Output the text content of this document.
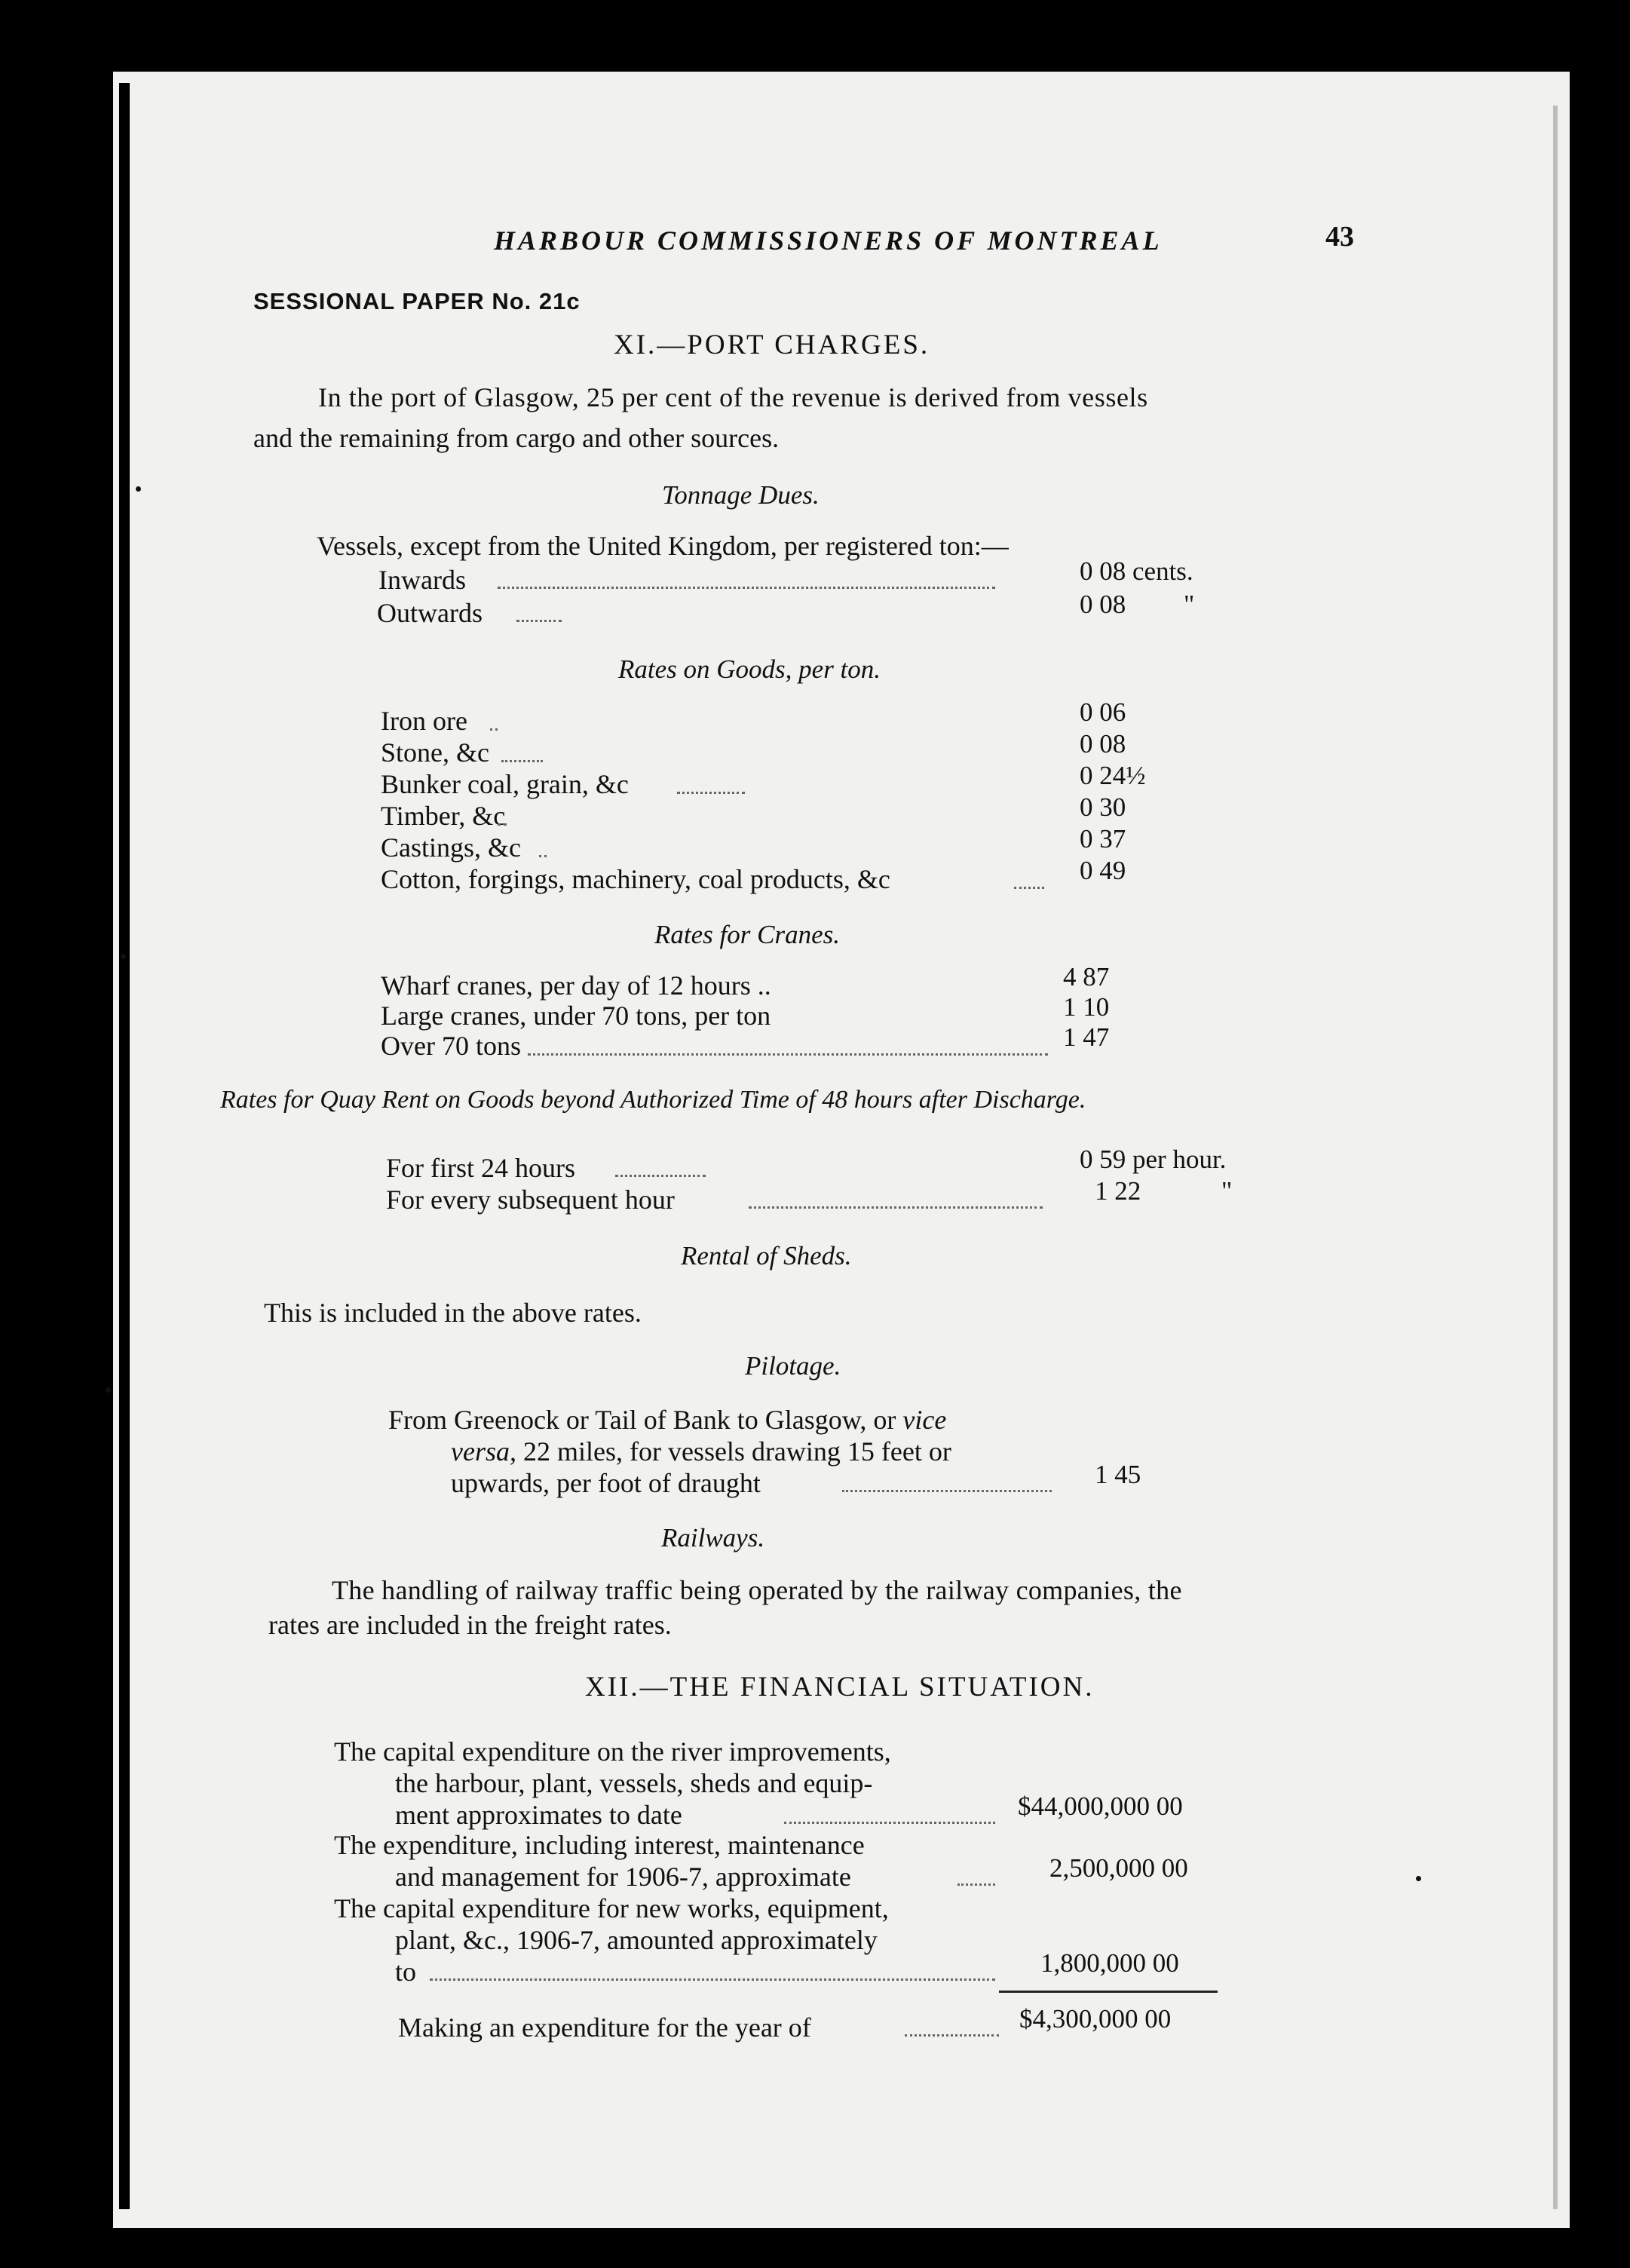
HARBOUR COMMISSIONERS OF MONTREAL	43
SESSIONAL PAPER No. 21c
XI.—PORT CHARGES.
In the port of Glasgow, 25 per cent of the revenue is derived from vessels
and the remaining from cargo and other sources.
Tonnage Dues.
Vessels, except from the United Kingdom, per registered ton:—
Inwards	0 08 cents.
Outwards	0 08 "
Rates on Goods, per ton.
Iron ore	0 06
Stone, &c	0 08
Bunker coal, grain, &c	0 24½
Timber, &c	0 30
Castings, &c	0 37
Cotton, forgings, machinery, coal products, &c	0 49
Rates for Cranes.
Wharf cranes, per day of 12 hours ..	4 87
Large cranes, under 70 tons, per ton	1 10
Over 70 tons	1 47
Rates for Quay Rent on Goods beyond Authorized Time of 48 hours after Discharge.
For first 24 hours	0 59 per hour.
For every subsequent hour	1 22	"
Rental of Sheds.
This is included in the above rates.
Pilotage.
From Greenock or Tail of Bank to Glasgow, or vice
versa, 22 miles, for vessels drawing 15 feet or
upwards, per foot of draught	1 45
Railways.
The handling of railway traffic being operated by the railway companies, the
rates are included in the freight rates.
XII.—THE FINANCIAL SITUATION.
The capital expenditure on the river improvements,
the harbour, plant, vessels, sheds and equip-
ment approximates to date	$44,000,000 00
The expenditure, including interest, maintenance
and management for 1906-7, approximate	2,500,000 00
The capital expenditure for new works, equipment,
plant, &c., 1906-7, amounted approximately
to	1,800,000 00
Making an expenditure for the year of	$4,300,000 00
